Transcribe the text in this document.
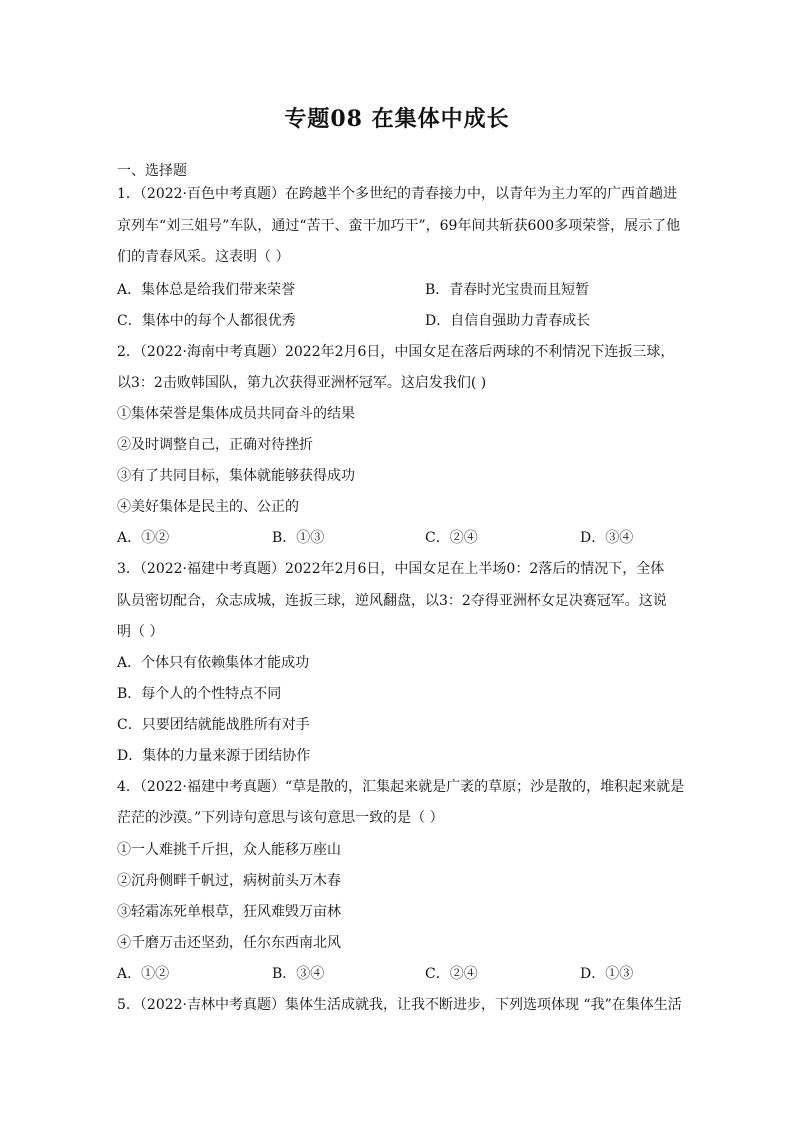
专题08 在集体中成长
一、选择题
1．（2022·百色中考真题）在跨越半个多世纪的青春接力中，以青年为主力军的广西首趟进
京列车“刘三姐号”车队，通过“苦干、蛮干加巧干”，69年间共斩获600多项荣誉，展示了他
们的青春风采。这表明（ ）
A．集体总是给我们带来荣誉	B．青春时光宝贵而且短暂
C．集体中的每个人都很优秀	D．自信自强助力青春成长
2．（2022·海南中考真题）2022年2月6日，中国女足在落后两球的不利情况下连扳三球，
以3：2击败韩国队，第九次获得亚洲杯冠军。这启发我们( )
①集体荣誉是集体成员共同奋斗的结果
②及时调整自己，正确对待挫折
③有了共同目标，集体就能够获得成功
④美好集体是民主的、公正的
A．①②	B．①③	C．②④	D．③④
3．（2022·福建中考真题）2022年2月6日，中国女足在上半场0：2落后的情况下，全体
队员密切配合，众志成城，连扳三球，逆风翻盘，以3：2夺得亚洲杯女足决赛冠军。这说
明（ ）
A．个体只有依赖集体才能成功
B．每个人的个性特点不同
C．只要团结就能战胜所有对手
D．集体的力量来源于团结协作
4．（2022·福建中考真题）“草是散的，汇集起来就是广袤的草原；沙是散的，堆积起来就是
茫茫的沙漠。”下列诗句意思与该句意思一致的是（ ）
①一人难挑千斤担，众人能移万座山
②沉舟侧畔千帆过，病树前头万木春
③轻霜冻死单根草，狂风难毁万亩林
④千磨万击还坚劲，任尔东西南北风
A．①②	B．③④	C．②④	D．①③
5．（2022·吉林中考真题）集体生活成就我，让我不断进步，下列选项体现 “我”在集体生活
